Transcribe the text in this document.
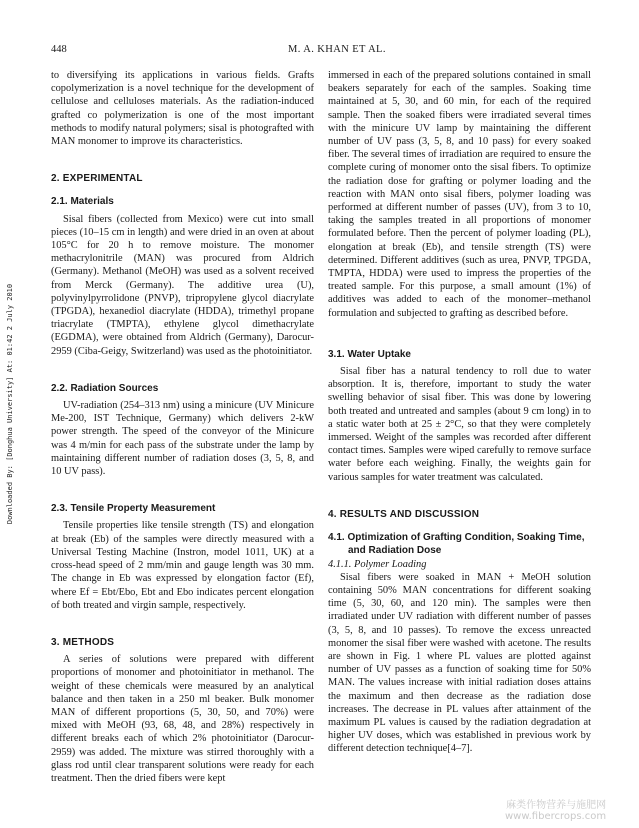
448	M. A. KHAN ET AL.
Downloaded By: [Donghua University] At: 01:42 2 July 2010

to diversifying its applications in various fields. Grafts copolymerization is a novel technique for the development of cellulose and celluloses materials. As the radiation-induced grafted co polymerization is one of the most important methods to modify natural polymers; sisal is photografted with MAN monomer to improve its characteristics.

2. EXPERIMENTAL
2.1. Materials

Sisal fibers (collected from Mexico) were cut into small pieces (10–15 cm in length) and were dried in an oven at about 105°C for 20 h to remove moisture. The monomer methacrylonitrile (MAN) was procured from Aldrich (Germany). Methanol (MeOH) was used as a solvent received from Merck (Germany). The additive urea (U), polyvinylpyrrolidone (PNVP), tripropylene glycol diacrylate (TPGDA), hexanediol diacrylate (HDDA), trimethyl propane triacrylate (TMPTA), ethylene glycol dimethacrylate (EGDMA), were obtained from Aldrich (Germany), Darocur-2959 (Ciba-Geigy, Switzerland) was used as the photoinitiator.

2.2. Radiation Sources

UV-radiation (254–313 nm) using a minicure (UV Minicure Me-200, IST Technique, Germany) which delivers 2-kW power strength. The speed of the conveyor of the Minicure was 4 m/min for each pass of the substrate under the lamp by maintaining different number of radiation doses (3, 5, 8, and 10 UV pass).

2.3. Tensile Property Measurement

Tensile properties like tensile strength (TS) and elongation at break (Eb) of the samples were directly measured with a Universal Testing Machine (Instron, model 1011, UK) at a cross-head speed of 2 mm/min and gauge length was 30 mm. The change in Eb was expressed by elongation factor (Ef), where Ef = Ebt/Ebo, Ebt and Ebo indicates percent elongation of both treated and virgin sample, respectively.

3. METHODS

A series of solutions were prepared with different proportions of monomer and photoinitiator in methanol. The weight of these chemicals were measured by an analytical balance and then taken in a 250 ml beaker. Bulk monomer MAN of different proportions (5, 30, 50, and 70%) were mixed with MeOH (93, 68, 48, and 28%) respectively in different breaks each of which 2% photoinitiator (Darocur-2959) was added. The mixture was stirred thoroughly with a glass rod until clear transparent solutions were ready for each treatment. Then the dried fibers were kept

immersed in each of the prepared solutions contained in small beakers separately for each of the samples. Soaking time maintained at 5, 30, and 60 min, for each of the required sample. Then the soaked fibers were irradiated several times with the minicure UV lamp by maintaining the different number of UV pass (3, 5, 8, and 10 pass) for every soaked fiber. The several times of irradiation are required to ensure the complete curing of monomer onto the sisal fibers. To optimize the radiation dose for grafting or polymer loading and the reaction with MAN onto sisal fibers, polymer loading was performed at different number of passes (UV), from 3 to 10, taking the samples treated in all proportions of monomer formulated before. Then the percent of polymer loading (PL), elongation at break (Eb), and tensile strength (TS) were determined. Different additives (such as urea, PNVP, TPGDA, TMPTA, HDDA) were used to impress the properties of the treated sample. For this purpose, a small amount (1%) of additives was added to each of the monomer–methanol formulation and subjected to grafting as described before.

3.1. Water Uptake

Sisal fiber has a natural tendency to roll due to water absorption. It is, therefore, important to study the water swelling behavior of sisal fiber. This was done by lowering both treated and untreated and samples (about 9 cm long) in to a static water both at 25 ± 2°C, so that they were completely immersed. Weight of the samples was recorded after different contact times. Samples were wiped carefully to remove surface water before each weighing. Finally, the weights gain for various samples for water treatment was calculated.

4. RESULTS AND DISCUSSION
4.1. Optimization of Grafting Condition, Soaking Time, and Radiation Dose
4.1.1. Polymer Loading

Sisal fibers were soaked in MAN + MeOH solution containing 50% MAN concentrations for different soaking time (5, 30, 60, and 120 min). The samples were then irradiated under UV radiation with different number of passes (3, 5, 8, and 10 passes). To remove the excess unreacted monomer the sisal fiber were washed with acetone. The results are shown in Fig. 1 where PL values are plotted against number of UV passes as a function of soaking time for 50% MAN. The values increase with initial radiation doses attains the maximum and then decrease as the radiation dose increases. The decrease in PL values after attainment of the maximum PL values is caused by the radiation degradation at higher UV doses, which was established in previous work by different detection technique[4–7].

麻类作物营养与施肥网
www.fibercrops.com
